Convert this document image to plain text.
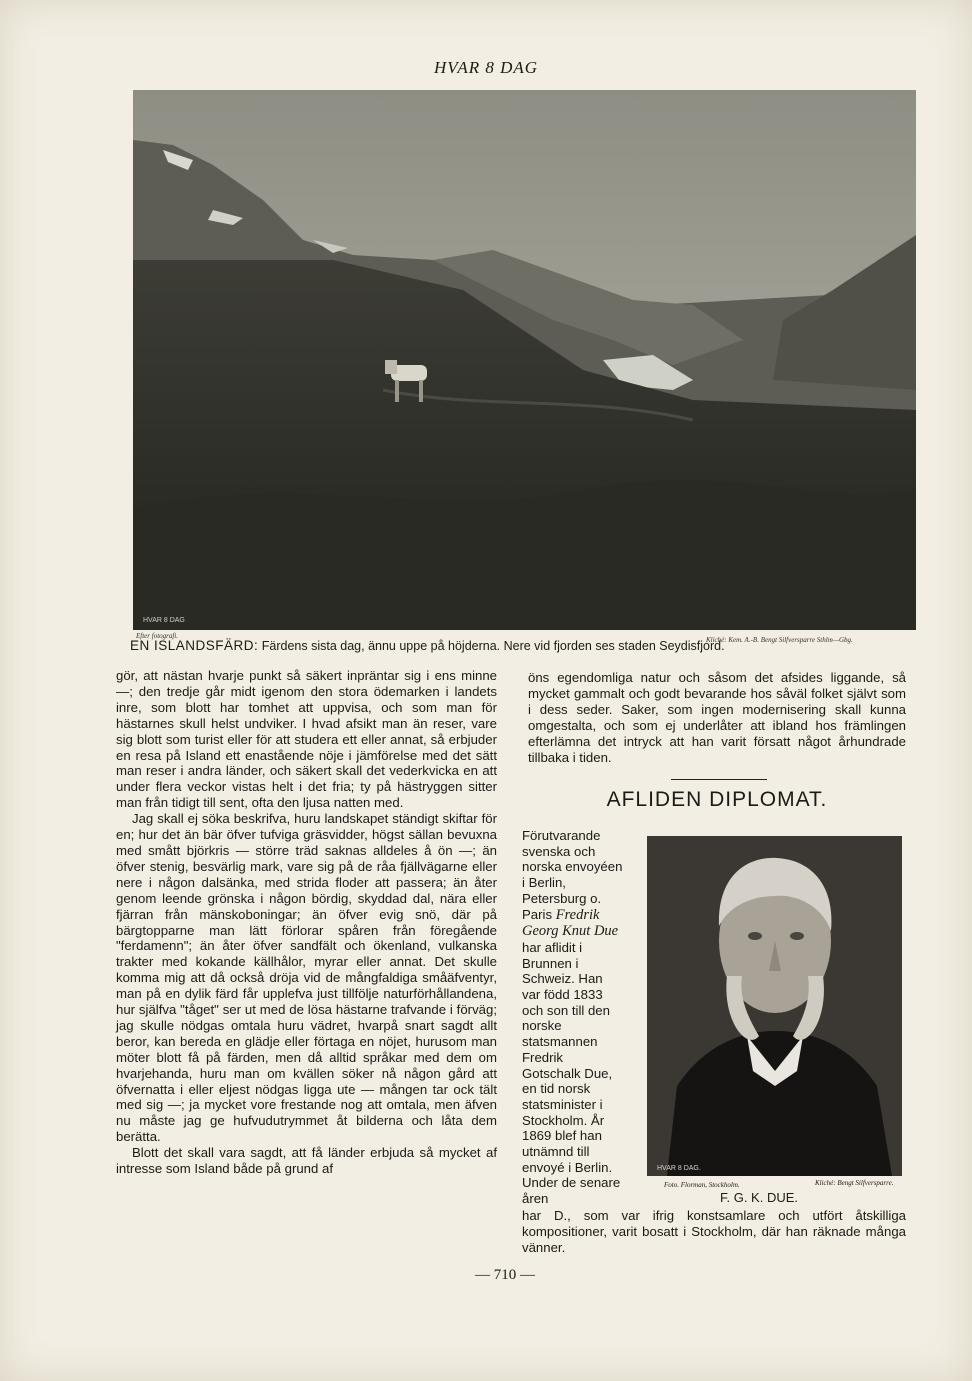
HVAR 8 DAG
HVAR 8 DAG
Efter fotografi.	Kliché: Kem. A.-B. Bengt Silfversparre Sthlm—Gbg.
EN ISLANDSFÄRD: Färdens sista dag, ännu uppe på höjderna. Nere vid fjorden ses staden Seydisfjord.

gör, att nästan hvarje punkt så säkert inpräntar sig i ens minne —; den tredje går midt igenom den stora ödemarken i landets inre, som blott har tomhet att uppvisa, och som man för hästarnes skull helst undviker. I hvad afsikt man än reser, vare sig blott som turist eller för att studera ett eller annat, så erbjuder en resa på Island ett enastående nöje i jämförelse med det sätt man reser i andra länder, och säkert skall det vederkvicka en att under flera veckor vistas helt i det fria; ty på hästryggen sitter man från tidigt till sent, ofta den ljusa natten med.

Jag skall ej söka beskrifva, huru landskapet ständigt skiftar för en; hur det än bär öfver tufviga gräsvidder, högst sällan bevuxna med smått björkris — större träd saknas alldeles å ön —; än öfver stenig, besvärlig mark, vare sig på de råa fjällvägarne eller nere i någon dalsänka, med strida floder att passera; än åter genom leende grönska i någon bördig, skyddad dal, nära eller fjärran från mänskoboningar; än öfver evig snö, där på bärgtopparne man lätt förlorar spåren från föregående "ferdamenn"; än åter öfver sandfält och ökenland, vulkanska trakter med kokande källhålor, myrar eller annat. Det skulle komma mig att då också dröja vid de mångfaldiga småäfventyr, man på en dylik färd får upplefva just tillfölje naturförhållandena, hur själfva "tåget" ser ut med de lösa hästarne trafvande i förväg; jag skulle nödgas omtala huru vädret, hvarpå snart sagdt allt beror, kan bereda en glädje eller förtaga en nöjet, hurusom man möter blott få på färden, men då alltid språkar med dem om hvarjehanda, huru man om kvällen söker nå någon gård att öfvernatta i eller eljest nödgas ligga ute — mången tar ock tält med sig —; ja mycket vore frestande nog att omtala, men äfven nu måste jag ge hufvudutrymmet åt bilderna och låta dem berätta.

Blott det skall vara sagdt, att få länder erbjuda så mycket af intresse som Island både på grund af

öns egendomliga natur och såsom det afsides liggande, så mycket gammalt och godt bevarande hos såväl folket självt som i dess seder. Saker, som ingen modernisering skall kunna omgestalta, och som ej underlåter att ibland hos främlingen efterlämna det intryck att han varit försatt något århundrade tillbaka i tiden.

AFLIDEN DIPLOMAT.
Förutvarande svenska och norska envoyéen i Berlin, Petersburg o. Paris Fredrik Georg Knut Due har aflidit i Brunnen i Schweiz. Han var född 1833 och son till den norske statsmannen Fredrik Gotschalk Due, en tid norsk statsminister i Stockholm. År 1869 blef han utnämnd till envoyé i Berlin. Under de senare åren
HVAR 8 DAG.
Foto. Florman, Stockholm.	Kliché: Bengt Silfversparre.
F. G. K. DUE.

har D., som var ifrig konstsamlare och utfört åtskilliga kompositioner, varit bosatt i Stockholm, där han räknade många vänner.

— 710 —
